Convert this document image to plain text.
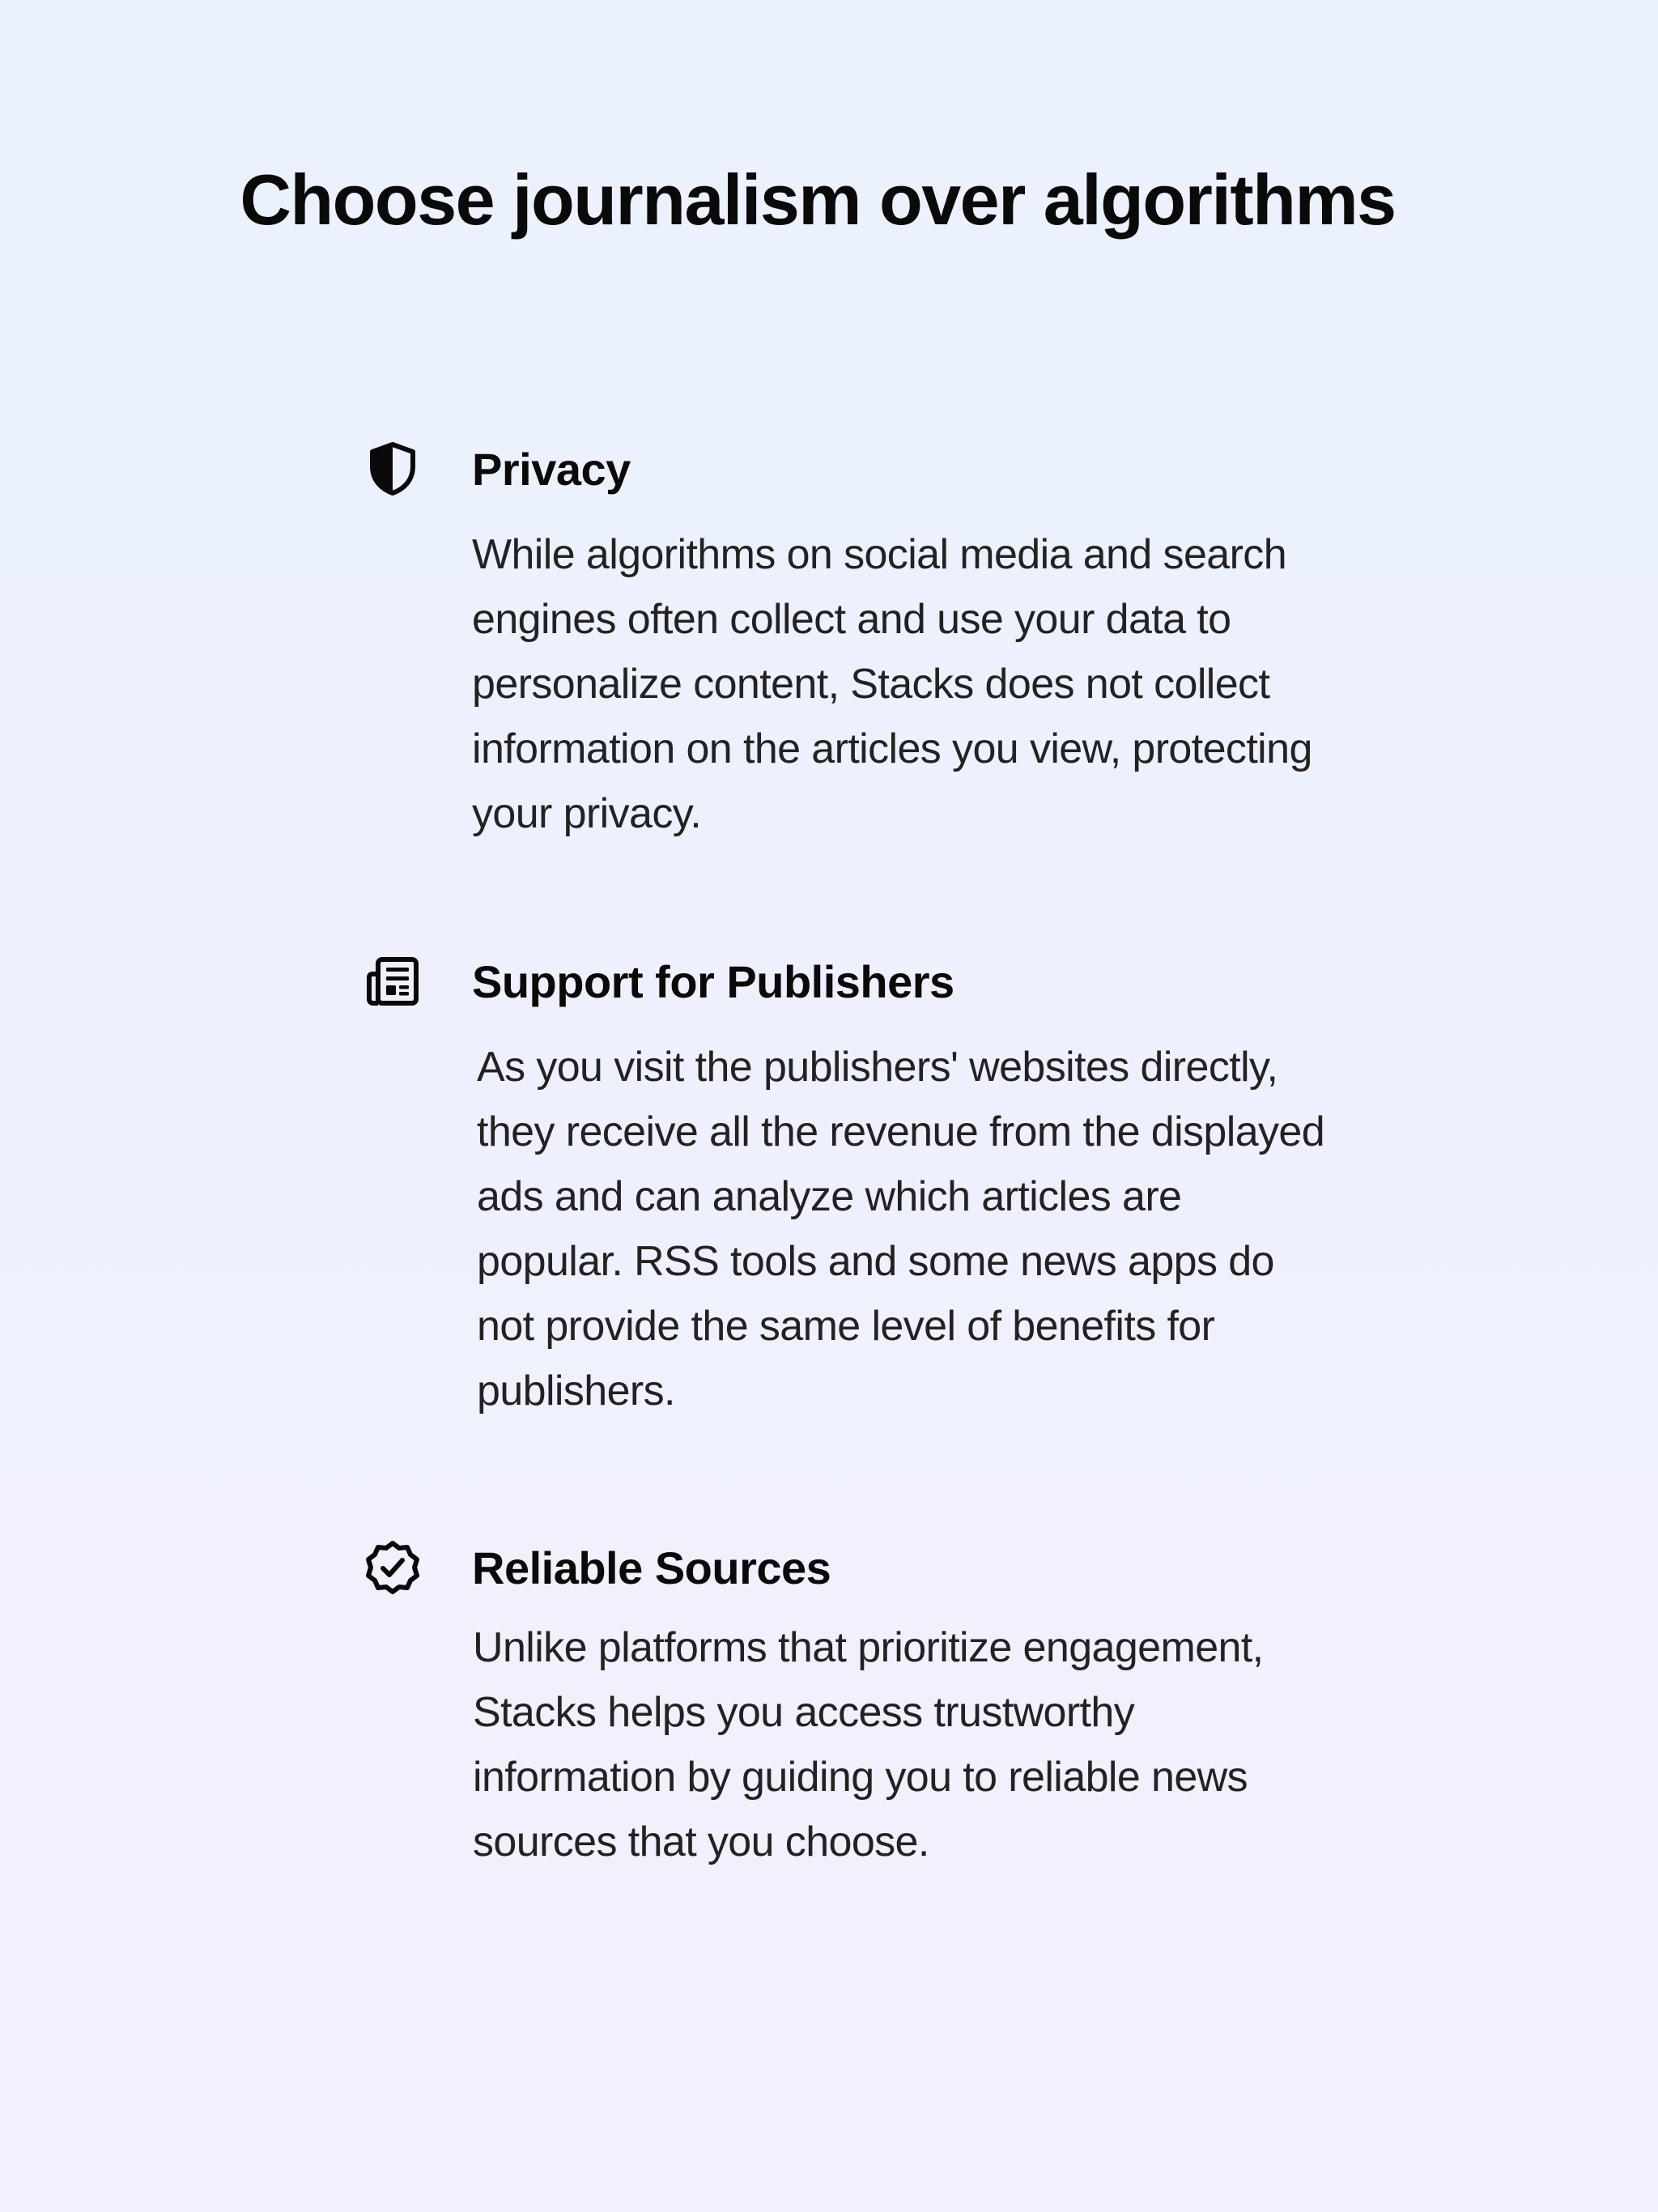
Choose journalism over algorithms
Privacy

While algorithms on social media and search engines often collect and use your data to personalize content, Stacks does not collect information on the articles you view, protecting your privacy.

Support for Publishers

As you visit the publishers' websites directly, they receive all the revenue from the displayed ads and can analyze which articles are popular. RSS tools and some news apps do not provide the same level of benefits for publishers.

Reliable Sources

Unlike platforms that prioritize engagement, Stacks helps you access trustworthy information by guiding you to reliable news sources that you choose.
